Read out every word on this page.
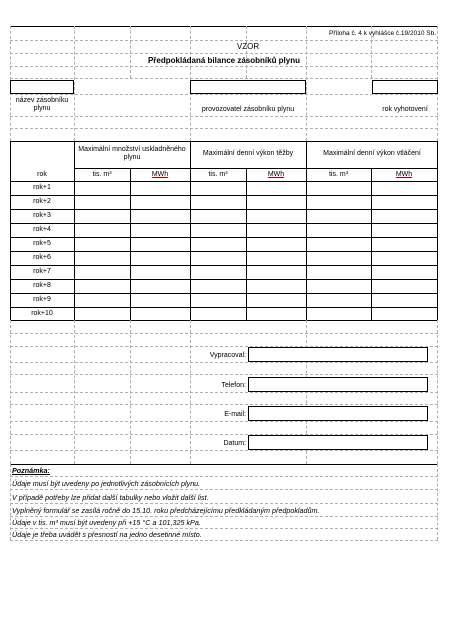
Příloha č. 4 k vyhlášce č.19/2010 Sb.
VZOR
Předpokládaná bilance zásobníků plynu
název zásobníku plynu	provozovatel zásobníku plynu	rok vyhotovení
rok
Maximální množství uskladněného plynu
Maximální denní výkon těžby	Maximální denní výkon vtláčení
tis. m³	MWh	tis. m³	MWh	tis. m³	MWh
rok+1
rok+2
rok+3
rok+4
rok+5
rok+6
rok+7
rok+8
rok+9
rok+10
Vypracoval:
Telefon:
E-mail:
Datum:
Poznámka:
Údaje musí být uvedeny po jednotlivých zásobnících plynu.
V případě potřeby lze přidat další tabulky nebo vložit další list.
Vyplněný formulář se zasílá ročně do 15.10. roku předcházejícímu předkládaným předpokladům.
Údaje v tis. m³ musí být uvedeny při +15 °C a 101,325 kPa.
Údaje je třeba uvádět s přesností na jedno desetinné místo.
